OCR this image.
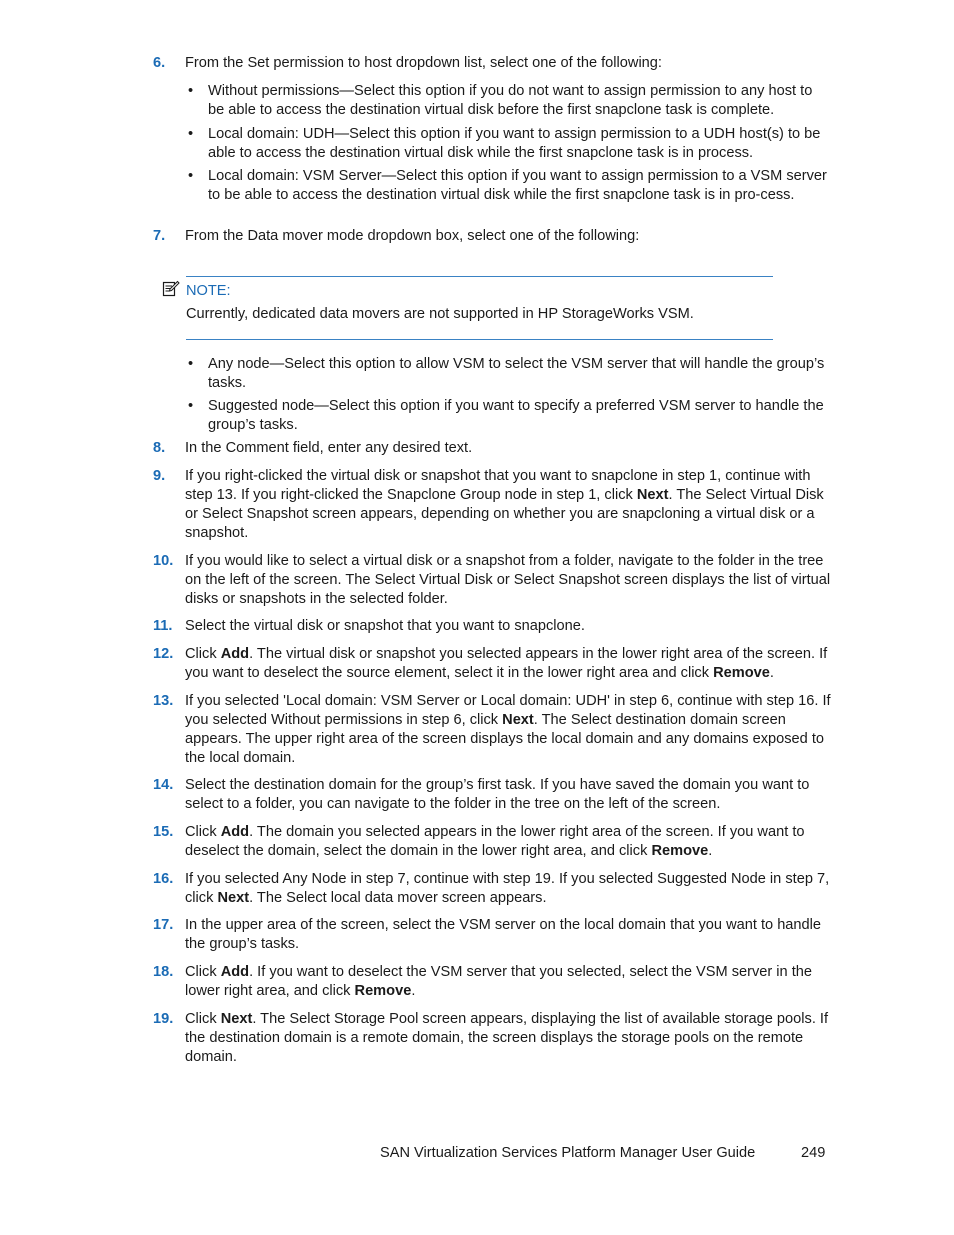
6. From the Set permission to host dropdown list, select one of the following:
• Without permissions—Select this option if you do not want to assign permission to any host to be able to access the destination virtual disk before the first snapclone task is complete.
• Local domain: UDH—Select this option if you want to assign permission to a UDH host(s) to be able to access the destination virtual disk while the first snapclone task is in process.
• Local domain: VSM Server—Select this option if you want to assign permission to a VSM server to be able to access the destination virtual disk while the first snapclone task is in pro-cess.
7. From the Data mover mode dropdown box, select one of the following:
NOTE:
Currently, dedicated data movers are not supported in HP StorageWorks VSM.
• Any node—Select this option to allow VSM to select the VSM server that will handle the group’s tasks.
• Suggested node—Select this option if you want to specify a preferred VSM server to handle the group’s tasks.
8. In the Comment field, enter any desired text.
9. If you right-clicked the virtual disk or snapshot that you want to snapclone in step 1, continue with step 13. If you right-clicked the Snapclone Group node in step 1, click Next. The Select Virtual Disk or Select Snapshot screen appears, depending on whether you are snapcloning a virtual disk or a snapshot.
10. If you would like to select a virtual disk or a snapshot from a folder, navigate to the folder in the tree on the left of the screen. The Select Virtual Disk or Select Snapshot screen displays the list of virtual disks or snapshots in the selected folder.
11. Select the virtual disk or snapshot that you want to snapclone.
12. Click Add. The virtual disk or snapshot you selected appears in the lower right area of the screen. If you want to deselect the source element, select it in the lower right area and click Remove.
13. If you selected 'Local domain: VSM Server or Local domain: UDH' in step 6, continue with step 16. If you selected Without permissions in step 6, click Next. The Select destination domain screen appears. The upper right area of the screen displays the local domain and any domains exposed to the local domain.
14. Select the destination domain for the group’s first task. If you have saved the domain you want to select to a folder, you can navigate to the folder in the tree on the left of the screen.
15. Click Add. The domain you selected appears in the lower right area of the screen. If you want to deselect the domain, select the domain in the lower right area, and click Remove.
16. If you selected Any Node in step 7, continue with step 19. If you selected Suggested Node in step 7, click Next. The Select local data mover screen appears.
17. In the upper area of the screen, select the VSM server on the local domain that you want to handle the group’s tasks.
18. Click Add. If you want to deselect the VSM server that you selected, select the VSM server in the lower right area, and click Remove.
19. Click Next. The Select Storage Pool screen appears, displaying the list of available storage pools. If the destination domain is a remote domain, the screen displays the storage pools on the remote domain.
SAN Virtualization Services Platform Manager User Guide	249
